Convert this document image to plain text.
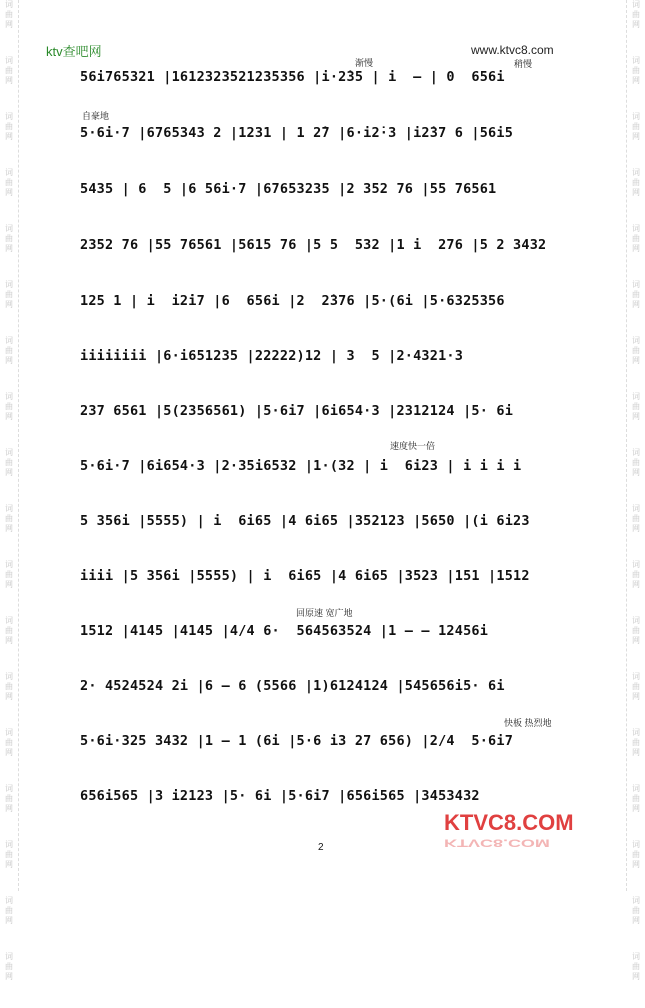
词
曲
网
词
曲
网
词
曲
网
词
曲
网
词
曲
网
词
曲
网
词
曲
网
词
曲
网
词
曲
网
词
曲
网
词
曲
网
词
曲
网
词
曲
网
词
曲
网
词
曲
网
词
曲
网
词
曲
网
词
曲
网
词
曲
网
词
曲
网
词
曲
网
词
曲
网
词
曲
网
词
曲
网
词
曲
网
词
曲
网
词
曲
网
词
曲
网
词
曲
网
词
曲
网
词
曲
网
词
曲
网
词
曲
网
词
曲
网
词
曲
网
词
曲
网
ktv查吧网	www.ktvc8.com
渐慢	稍慢
自豪地
速度快一倍
回原速 宽广地
快板 热烈地
56i765321 |1612323521235356 |i·2̇35 | i  — | 0  656i
5·6i·7 |6765343 2 |1231 | 1 2̇7 |6·i2̇·3 |i2̇37 6 |56i5
5435 | 6  5 |6 56i·7 |67653235 |2 352 76 |55 76561
2352 76 |55 76561 |5615 76 |5 5  532 |1 i  276 |5 2 3432
125 1 | i  i2̇i7 |6  656i |2  2̇376 |5·(6i |5·6325356
iiiiiiii |6·i651235 |22222)12 | 3  5 |2·4321·3
237 6561 |5(2356561) |5·6i7 |6i654·3 |2312124 |5· 6i
5·6i·7 |6i654·3 |2·35i6532 |1·(32 | i  6i23 | i i i i
5 356i |5555) | i  6i65 |4 6i65 |352123 |5650 |(i 6i23
iiii |5 356i |5555) | i  6i65 |4 6i65 |3523 |151 |1512
1512 |4145 |4145 |4/4 6·  564563524 |1 — — 12456i
2· 4524524 2i |6 — 6 (5566 |1)6124124 |545656i5· 6i
5·6i·325 3432 |1 — 1 (6i |5·6 i3 27 656) |2/4  5·6i7
656i565 |3 i2123 |5· 6i |5·6i7 |656i565 |3453432
2
KTVC8.COM
KTVC8.COM
